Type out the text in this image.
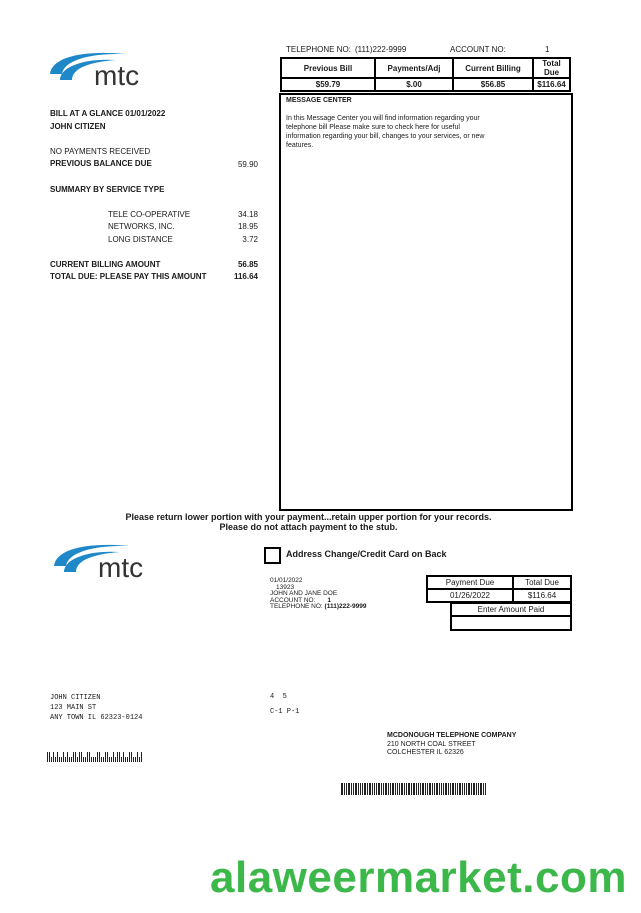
mtc
TELEPHONE NO: (111)222-9999	ACCOUNT NO:	1
Previous Bill	Payments/Adj	Current Billing	Total Due
$59.79	$.00	$56.85	$116.64
BILL AT A GLANCE 01/01/2022
JOHN CITIZEN
NO PAYMENTS RECEIVED
PREVIOUS BALANCE DUE	59.90
SUMMARY BY SERVICE TYPE
TELE CO-OPERATIVE	34.18
NETWORKS, INC.	18.95
LONG DISTANCE	3.72
CURRENT BILLING AMOUNT	56.85
TOTAL DUE: PLEASE PAY THIS AMOUNT	116.64
MESSAGE CENTER
In this Message Center you will find information regarding your
telephone bill Please make sure to check here for useful
information regarding your bill, changes to your services, or new
features.
Please return lower portion with your payment...retain upper portion for your records.
Please do not attach payment to the stub.
mtc	Address Change/Credit Card on Back
01/01/2022
13923
JOHN AND JANE DOE
ACCOUNT NO: 1
TELEPHONE NO: (111)222-9999
Payment Due	Total Due
01/26/2022	$116.64
Enter Amount Paid

JOHN CITIZEN
123 MAIN ST
ANY TOWN IL 62323-0124
4  5
C-1 P-1
MCDONOUGH TELEPHONE COMPANY
210 NORTH COAL STREET
COLCHESTER IL 62326
alaweermarket.com
